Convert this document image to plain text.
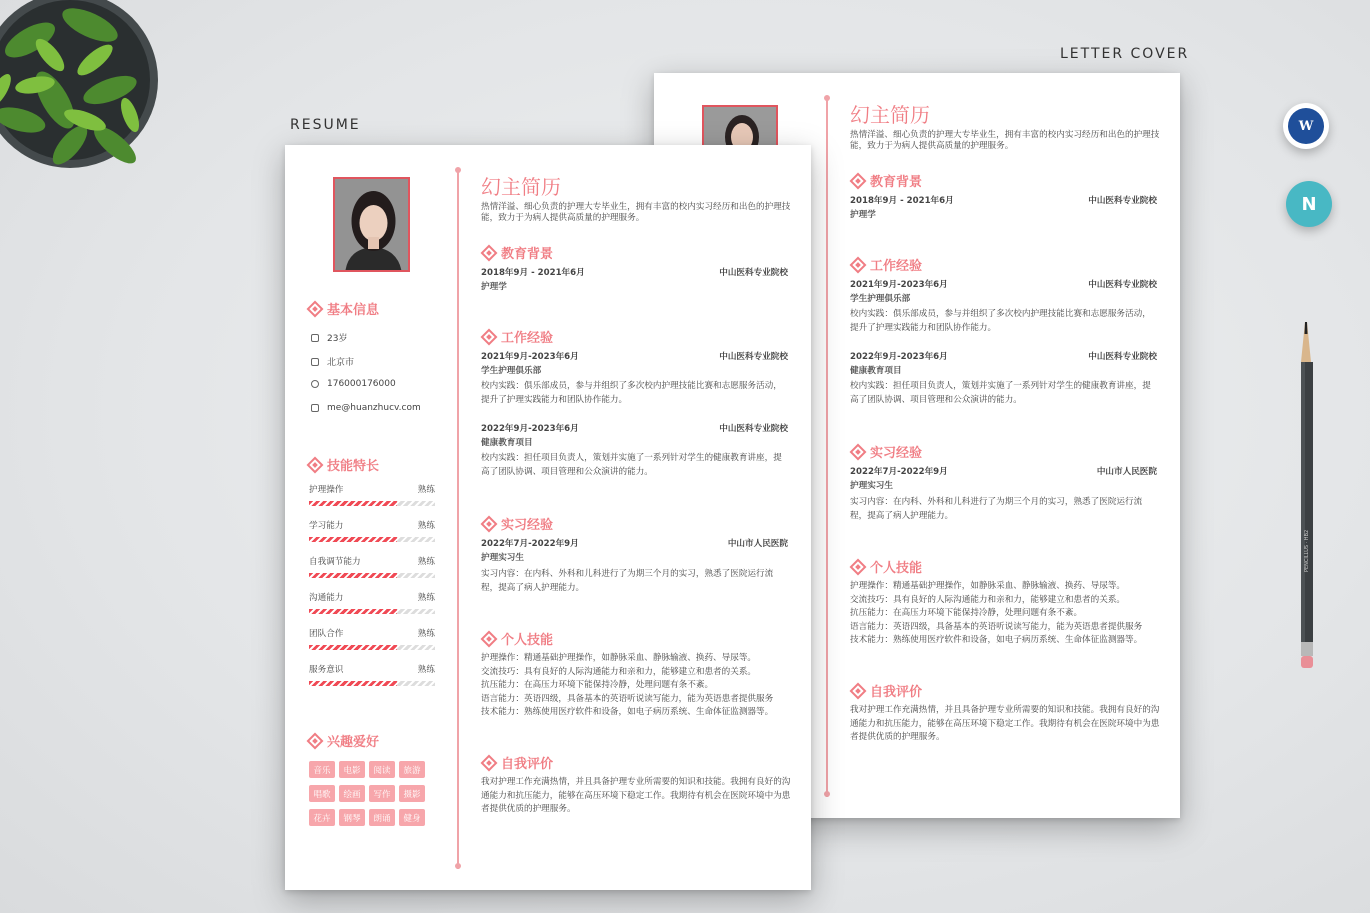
LETTER COVER
RESUME	幻主简历
热情洋溢、细心负责的护理大专毕业生，拥有丰富的校内实习经历和出色的护理技能，致力于为病人提供高质量的护理服务。
教育背景
2018年9月 - 2021年6月	中山医科专业院校
护理学
工作经验
2021年9月-2023年6月	中山医科专业院校
学生护理俱乐部
校内实践：俱乐部成员，参与并组织了多次校内护理技能比赛和志愿服务活动，提升了护理实践能力和团队协作能力。
2022年9月-2023年6月	中山医科专业院校
健康教育项目
校内实践：担任项目负责人，策划并实施了一系列针对学生的健康教育讲座，提高了团队协调、项目管理和公众演讲的能力。
实习经验
2022年7月-2022年9月	中山市人民医院
护理实习生
实习内容：在内科、外科和儿科进行了为期三个月的实习，熟悉了医院运行流程，提高了病人护理能力。
个人技能
护理操作：精通基础护理操作，如静脉采血、静脉输液、换药、导尿等。
交流技巧：具有良好的人际沟通能力和亲和力，能够建立和患者的关系。
抗压能力：在高压力环境下能保持冷静，处理问题有条不紊。
语言能力：英语四级，具备基本的英语听说读写能力，能为英语患者提供服务
技术能力：熟练使用医疗软件和设备，如电子病历系统、生命体征监测器等。
自我评价
我对护理工作充满热情，并且具备护理专业所需要的知识和技能。我拥有良好的沟通能力和抗压能力，能够在高压环境下稳定工作。我期待有机会在医院环境中为患者提供优质的护理服务。
基本信息
23岁
北京市
176000176000
me@huanzhucv.com
技能特长
护理操作	熟练
学习能力	熟练
自我调节能力	熟练
沟通能力	熟练
团队合作	熟练
服务意识	熟练
兴趣爱好
音乐	电影	阅读	旅游
唱歌	绘画	写作	摄影
花卉	钢琴	朗诵	健身
幻主简历
热情洋溢、细心负责的护理大专毕业生，拥有丰富的校内实习经历和出色的护理技能，致力于为病人提供高质量的护理服务。
教育背景
2018年9月 - 2021年6月	中山医科专业院校
护理学
工作经验
2021年9月-2023年6月	中山医科专业院校
学生护理俱乐部
校内实践：俱乐部成员，参与并组织了多次校内护理技能比赛和志愿服务活动，提升了护理实践能力和团队协作能力。
2022年9月-2023年6月	中山医科专业院校
健康教育项目
校内实践：担任项目负责人，策划并实施了一系列针对学生的健康教育讲座，提高了团队协调、项目管理和公众演讲的能力。
实习经验
2022年7月-2022年9月	中山市人民医院
护理实习生
实习内容：在内科、外科和儿科进行了为期三个月的实习，熟悉了医院运行流程，提高了病人护理能力。
个人技能
护理操作：精通基础护理操作，如静脉采血、静脉输液、换药、导尿等。
交流技巧：具有良好的人际沟通能力和亲和力，能够建立和患者的关系。
抗压能力：在高压力环境下能保持冷静，处理问题有条不紊。
语言能力：英语四级，具备基本的英语听说读写能力，能为英语患者提供服务
技术能力：熟练使用医疗软件和设备，如电子病历系统、生命体征监测器等。
自我评价
我对护理工作充满热情，并且具备护理专业所需要的知识和技能。我拥有良好的沟通能力和抗压能力，能够在高压环境下稳定工作。我期待有机会在医院环境中为患者提供优质的护理服务。
W
N
PENCILLUS · HB2
